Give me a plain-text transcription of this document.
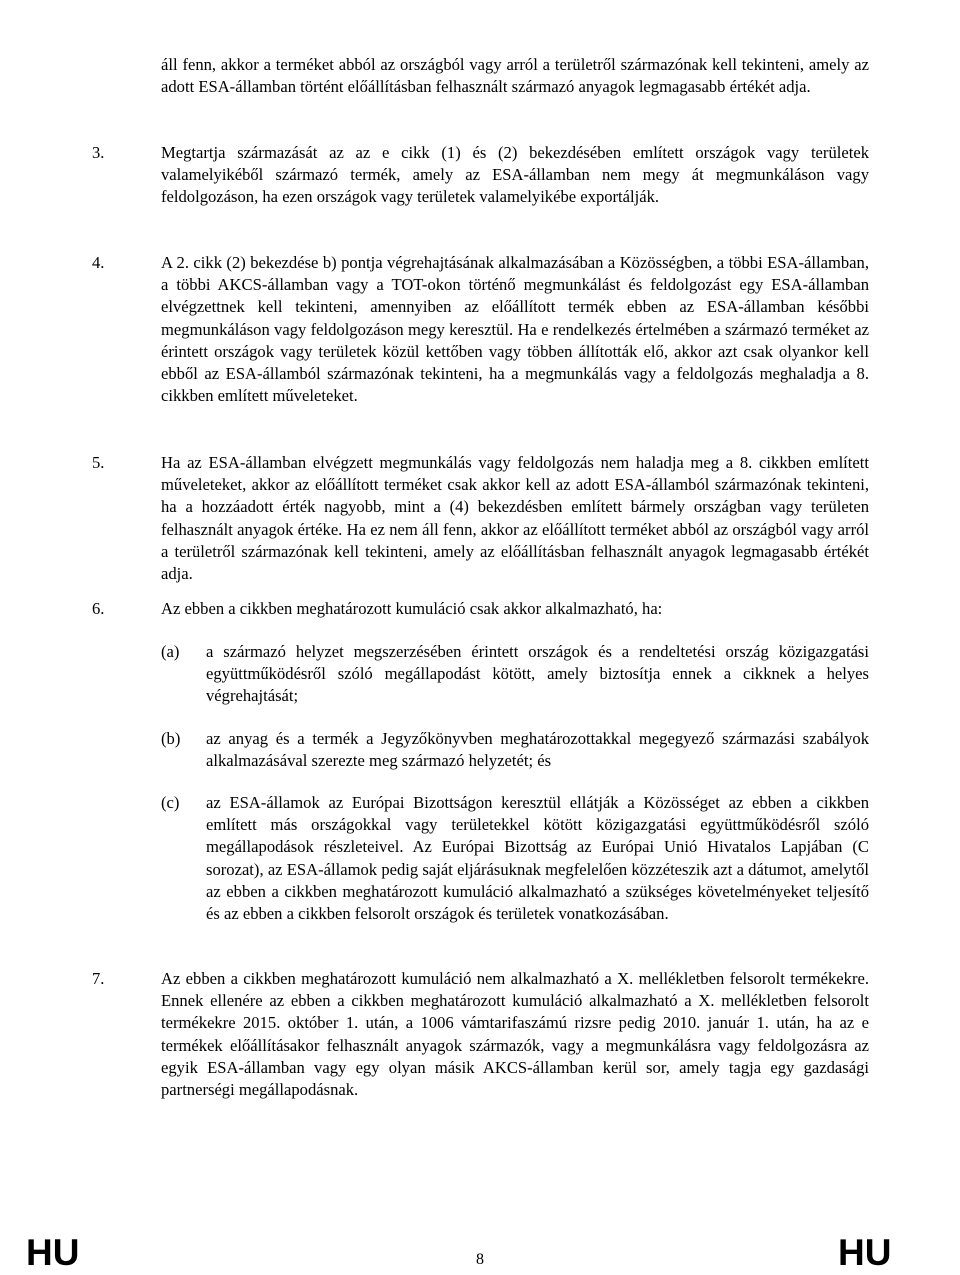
áll fenn, akkor a terméket abból az országból vagy arról a területről származónak kell tekinteni, amely az adott ESA-államban történt előállításban felhasznált származó anyagok legmagasabb értékét adja.
3.	Megtartja származását az az e cikk (1) és (2) bekezdésében említett országok vagy területek valamelyikéből származó termék, amely az ESA-államban nem megy át megmunkáláson vagy feldolgozáson, ha ezen országok vagy területek valamelyikébe exportálják.
4.	A 2. cikk (2) bekezdése b) pontja végrehajtásának alkalmazásában a Közösségben, a többi ESA-államban, a többi AKCS-államban vagy a TOT-okon történő megmunkálást és feldolgozást egy ESA-államban elvégzettnek kell tekinteni, amennyiben az előállított termék ebben az ESA-államban későbbi megmunkáláson vagy feldolgozáson megy keresztül. Ha e rendelkezés értelmében a származó terméket az érintett országok vagy területek közül kettőben vagy többen állították elő, akkor azt csak olyankor kell ebből az ESA-államból származónak tekinteni, ha a megmunkálás vagy a feldolgozás meghaladja a 8. cikkben említett műveleteket.
5.	Ha az ESA-államban elvégzett megmunkálás vagy feldolgozás nem haladja meg a 8. cikkben említett műveleteket, akkor az előállított terméket csak akkor kell az adott ESA-államból származónak tekinteni, ha a hozzáadott érték nagyobb, mint a (4) bekezdésben említett bármely országban vagy területen felhasznált anyagok értéke. Ha ez nem áll fenn, akkor az előállított terméket abból az országból vagy arról a területről származónak kell tekinteni, amely az előállításban felhasznált anyagok legmagasabb értékét adja.
6.	Az ebben a cikkben meghatározott kumuláció csak akkor alkalmazható, ha:
(a) a származó helyzet megszerzésében érintett országok és a rendeltetési ország közigazgatási együttműködésről szóló megállapodást kötött, amely biztosítja ennek a cikknek a helyes végrehajtását;
(b) az anyag és a termék a Jegyzőkönyvben meghatározottakkal megegyező származási szabályok alkalmazásával szerezte meg származó helyzetét; és
(c) az ESA-államok az Európai Bizottságon keresztül ellátják a Közösséget az ebben a cikkben említett más országokkal vagy területekkel kötött közigazgatási együttműködésről szóló megállapodások részleteivel. Az Európai Bizottság az Európai Unió Hivatalos Lapjában (C sorozat), az ESA-államok pedig saját eljárásuknak megfelelően közzéteszik azt a dátumot, amelytől az ebben a cikkben meghatározott kumuláció alkalmazható a szükséges követelményeket teljesítő és az ebben a cikkben felsorolt országok és területek vonatkozásában.
7.	Az ebben a cikkben meghatározott kumuláció nem alkalmazható a X. mellékletben felsorolt termékekre. Ennek ellenére az ebben a cikkben meghatározott kumuláció alkalmazható a X. mellékletben felsorolt termékekre 2015. október 1. után, a 1006 vámtarifaszámú rizsre pedig 2010. január 1. után, ha az e termékek előállításakor felhasznált anyagok származók, vagy a megmunkálásra vagy feldolgozásra az egyik ESA-államban vagy egy olyan másik AKCS-államban kerül sor, amely tagja egy gazdasági partnerségi megállapodásnak.
HU	8	HU
